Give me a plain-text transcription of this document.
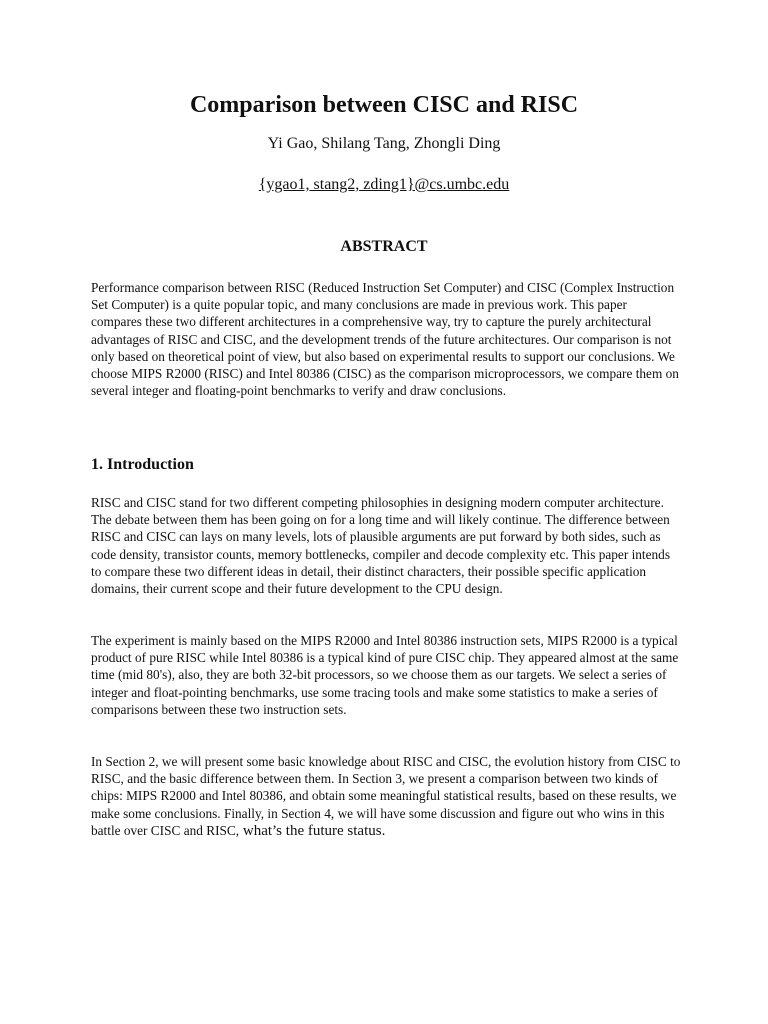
Comparison between CISC and RISC
Yi Gao, Shilang Tang, Zhongli Ding
{ygao1, stang2, zding1}@cs.umbc.edu
ABSTRACT

Performance comparison between RISC (Reduced Instruction Set Computer) and CISC (Complex Instruction Set Computer) is a quite popular topic, and many conclusions are made in previous work. This paper compares these two different architectures in a comprehensive way, try to capture the purely architectural advantages of RISC and CISC, and the development trends of the future architectures. Our comparison is not only based on theoretical point of view, but also based on experimental results to support our conclusions. We choose MIPS R2000 (RISC) and Intel 80386 (CISC) as the comparison microprocessors, we compare them on several integer and floating-point benchmarks to verify and draw conclusions.

1. Introduction

RISC and CISC stand for two different competing philosophies in designing modern computer architecture. The debate between them has been going on for a long time and will likely continue. The difference between RISC and CISC can lays on many levels, lots of plausible arguments are put forward by both sides, such as code density, transistor counts, memory bottlenecks, compiler and decode complexity etc. This paper intends to compare these two different ideas in detail, their distinct characters, their possible specific application domains, their current scope and their future development to the CPU design.

The experiment is mainly based on the MIPS R2000 and Intel 80386 instruction sets, MIPS R2000 is a typical product of pure RISC while Intel 80386 is a typical kind of pure CISC chip. They appeared almost at the same time (mid 80's), also, they are both 32-bit processors, so we choose them as our targets. We select a series of integer and float-pointing benchmarks, use some tracing tools and make some statistics to make a series of comparisons between these two instruction sets.

In Section 2, we will present some basic knowledge about RISC and CISC, the evolution history from CISC to RISC, and the basic difference between them. In Section 3, we present a comparison between two kinds of chips: MIPS R2000 and Intel 80386, and obtain some meaningful statistical results, based on these results, we make some conclusions. Finally, in Section 4, we will have some discussion and figure out who wins in this battle over CISC and RISC, what’s the future status.
